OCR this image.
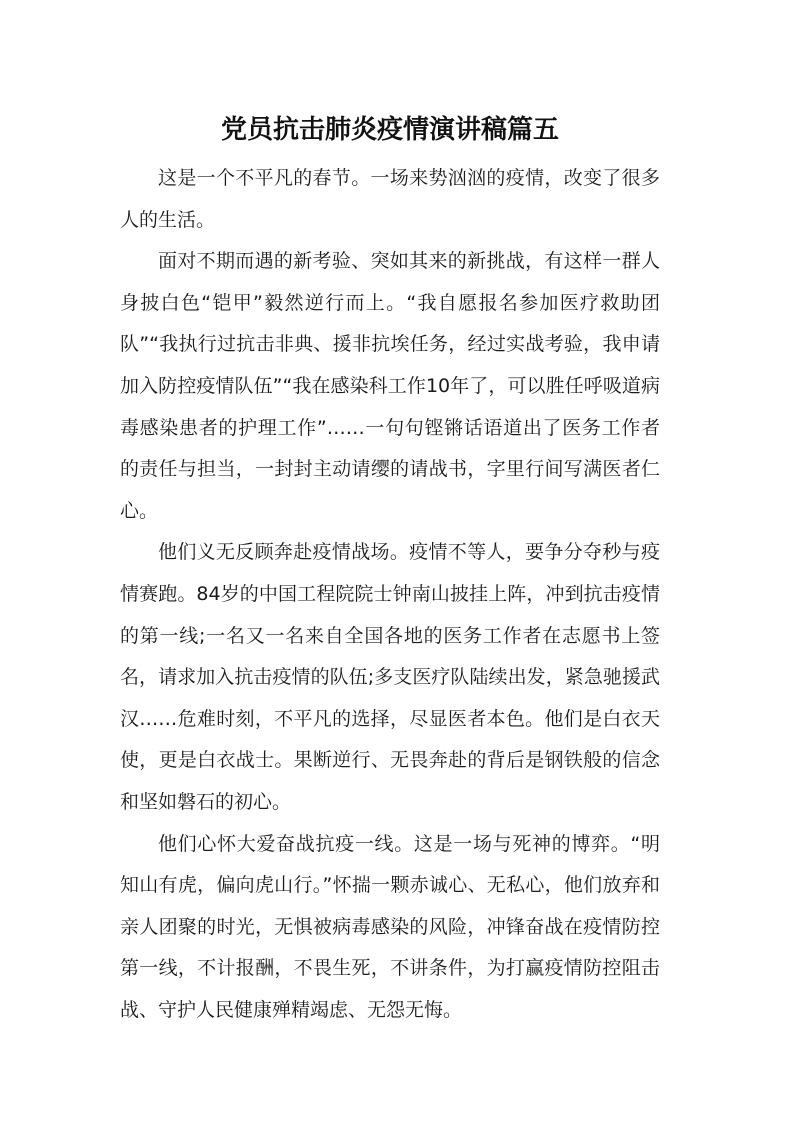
党员抗击肺炎疫情演讲稿篇五

这是一个不平凡的春节。一场来势汹汹的疫情，改变了很多人的生活。

面对不期而遇的新考验、突如其来的新挑战，有这样一群人身披白色“铠甲”毅然逆行而上。“我自愿报名参加医疗救助团队”“我执行过抗击非典、援非抗埃任务，经过实战考验，我申请加入防控疫情队伍”“我在感染科工作10年了，可以胜任呼吸道病毒感染患者的护理工作”……一句句铿锵话语道出了医务工作者的责任与担当，一封封主动请缨的请战书，字里行间写满医者仁心。

他们义无反顾奔赴疫情战场。疫情不等人，要争分夺秒与疫情赛跑。84岁的中国工程院院士钟南山披挂上阵，冲到抗击疫情的第一线;一名又一名来自全国各地的医务工作者在志愿书上签名，请求加入抗击疫情的队伍;多支医疗队陆续出发，紧急驰援武汉……危难时刻，不平凡的选择，尽显医者本色。他们是白衣天使，更是白衣战士。果断逆行、无畏奔赴的背后是钢铁般的信念和坚如磐石的初心。

他们心怀大爱奋战抗疫一线。这是一场与死神的博弈。“明知山有虎，偏向虎山行。”怀揣一颗赤诚心、无私心，他们放弃和亲人团聚的时光，无惧被病毒感染的风险，冲锋奋战在疫情防控第一线，不计报酬，不畏生死，不讲条件，为打赢疫情防控阻击战、守护人民健康殚精竭虑、无怨无悔。
